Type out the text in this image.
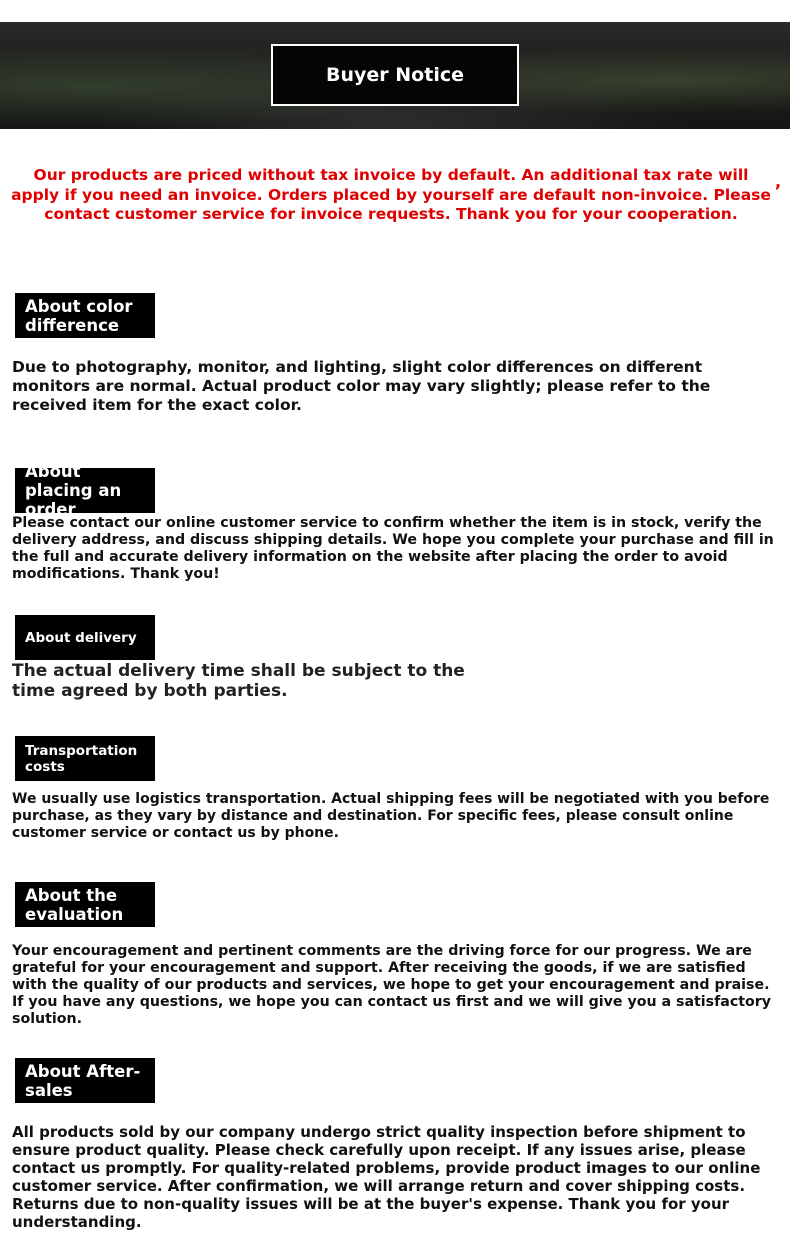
Buyer Notice
Our products are priced without tax invoice by default. An additional tax rate will apply if you need an invoice. Orders placed by yourself are default non-invoice. Please contact customer service for invoice requests. Thank you for your cooperation.
,
About color difference
Due to photography, monitor, and lighting, slight color differences on different monitors are normal. Actual product color may vary slightly; please refer to the received item for the exact color.
About placing an order
Please contact our online customer service to confirm whether the item is in stock, verify the delivery address, and discuss shipping details. We hope you complete your purchase and fill in the full and accurate delivery information on the website after placing the order to avoid modifications. Thank you!
About delivery
The actual delivery time shall be subject to the time agreed by both parties.
Transportation costs
We usually use logistics transportation. Actual shipping fees will be negotiated with you before purchase, as they vary by distance and destination. For specific fees, please consult online customer service or contact us by phone.
About the evaluation
Your encouragement and pertinent comments are the driving force for our progress. We are grateful for your encouragement and support. After receiving the goods, if we are satisfied with the quality of our products and services, we hope to get your encouragement and praise. If you have any questions, we hope you can contact us first and we will give you a satisfactory solution.
About After-sales
All products sold by our company undergo strict quality inspection before shipment to ensure product quality. Please check carefully upon receipt. If any issues arise, please contact us promptly. For quality-related problems, provide product images to our online customer service. After confirmation, we will arrange return and cover shipping costs. Returns due to non-quality issues will be at the buyer's expense. Thank you for your understanding.
